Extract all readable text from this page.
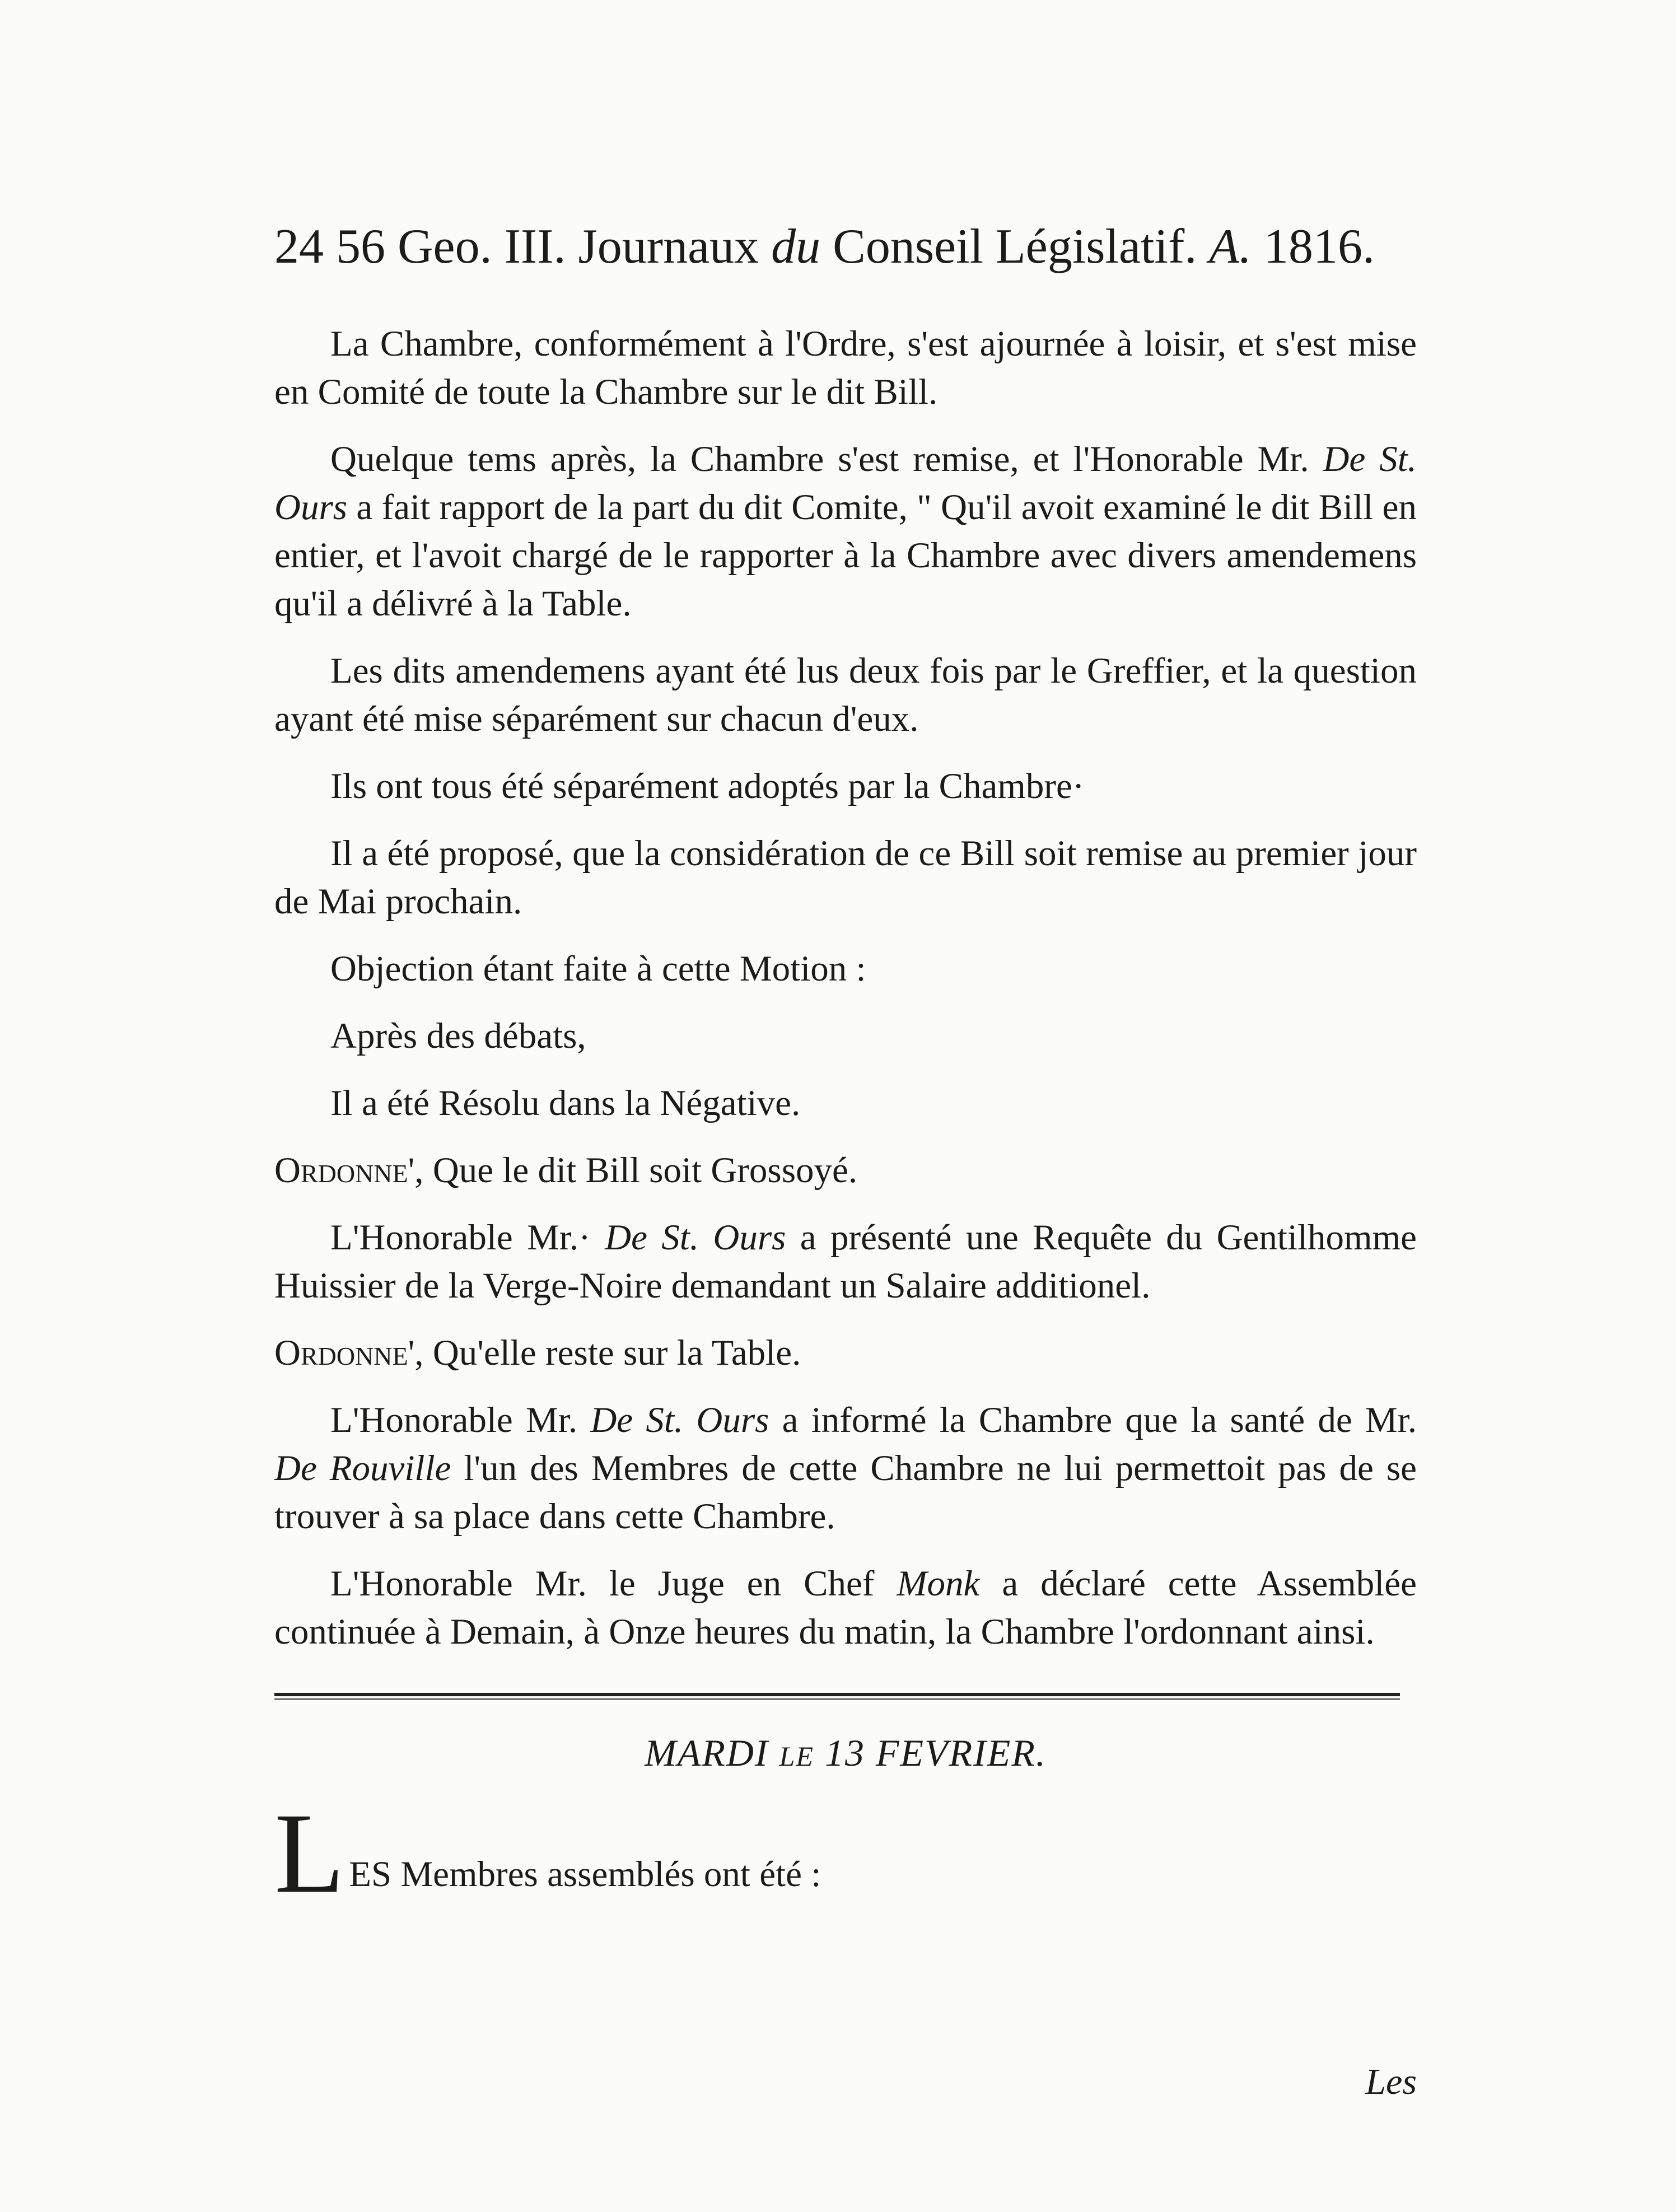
24 56 Geo. III. Journaux du Conseil Législatif. A. 1816.

La Chambre, conformément à l'Ordre, s'est ajournée à loisir, et s'est mise en Comité de toute la Chambre sur le dit Bill.

Quelque tems après, la Chambre s'est remise, et l'Honorable Mr. De St. Ours a fait rapport de la part du dit Comite, " Qu'il avoit examiné le dit Bill en entier, et l'avoit chargé de le rapporter à la Chambre avec divers amendemens qu'il a délivré à la Table.

Les dits amendemens ayant été lus deux fois par le Greffier, et la question ayant été mise séparément sur chacun d'eux.

Ils ont tous été séparément adoptés par la Chambre·

Il a été proposé, que la considération de ce Bill soit remise au premier jour de Mai prochain.

Objection étant faite à cette Motion :

Après des débats,

Il a été Résolu dans la Négative.

Ordonne', Que le dit Bill soit Grossoyé.

L'Honorable Mr.· De St. Ours a présenté une Requête du Gentilhomme Huissier de la Verge-Noire demandant un Salaire additionel.

Ordonne', Qu'elle reste sur la Table.

L'Honorable Mr. De St. Ours a informé la Chambre que la santé de Mr. De Rouville l'un des Membres de cette Chambre ne lui permettoit pas de se trouver à sa place dans cette Chambre.

L'Honorable Mr. le Juge en Chef Monk a déclaré cette Assemblée continuée à Demain, à Onze heures du matin, la Chambre l'ordonnant ainsi.

MARDI LE 13 FEVRIER.
L ES Membres assemblés ont été :
Les
